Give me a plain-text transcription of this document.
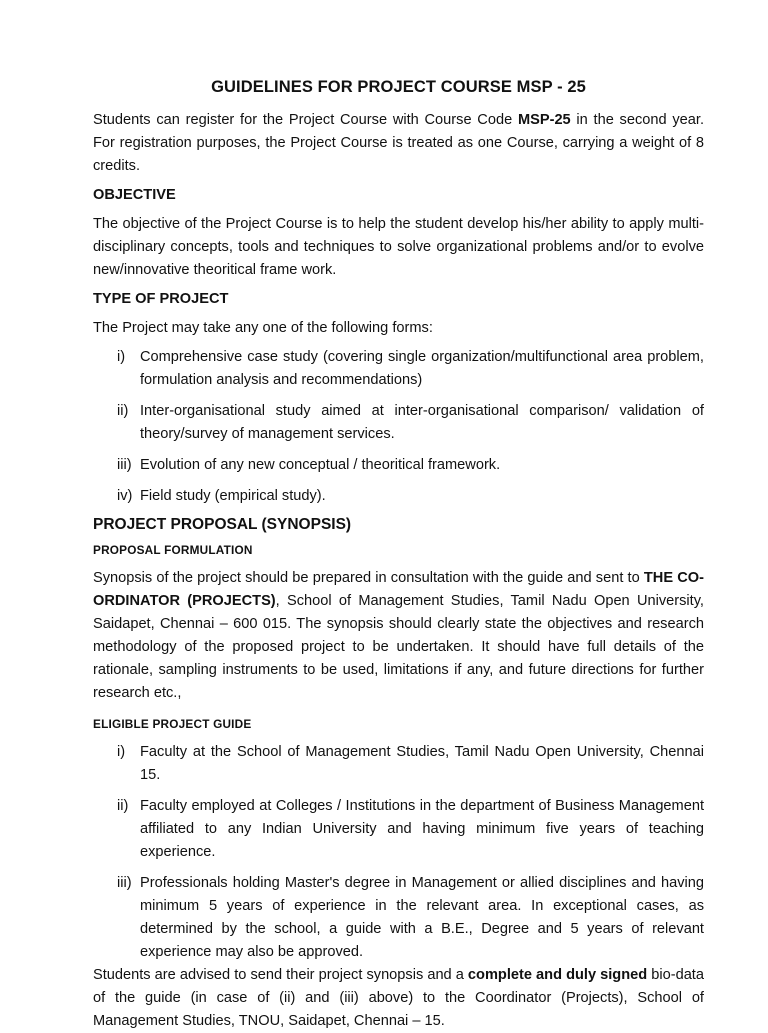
GUIDELINES FOR PROJECT COURSE MSP - 25

Students can register for the Project Course with Course Code MSP-25 in the second year. For registration purposes, the Project Course is treated as one Course, carrying a weight of 8 credits.

OBJECTIVE

The objective of the Project Course is to help the student develop his/her ability to apply multi-disciplinary concepts, tools and techniques to solve organizational problems and/or to evolve new/innovative theoritical frame work.

TYPE OF PROJECT

The Project may take any one of the following forms:

i) Comprehensive case study (covering single organization/multifunctional area problem, formulation analysis and recommendations)
ii) Inter-organisational study aimed at inter-organisational comparison/ validation of theory/survey of management services.
iii) Evolution of any new conceptual / theoritical framework.
iv) Field study (empirical study).
PROJECT PROPOSAL (SYNOPSIS)
PROPOSAL FORMULATION

Synopsis of the project should be prepared in consultation with the guide and sent to THE CO-ORDINATOR (PROJECTS), School of Management Studies, Tamil Nadu Open University, Saidapet, Chennai – 600 015. The synopsis should clearly state the objectives and research methodology of the proposed project to be undertaken. It should have full details of the rationale, sampling instruments to be used, limitations if any, and future directions for further research etc.,

ELIGIBLE PROJECT GUIDE
i) Faculty at the School of Management Studies, Tamil Nadu Open University, Chennai 15.
ii) Faculty employed at Colleges / Institutions in the department of Business Management affiliated to any Indian University and having minimum five years of teaching experience.
iii) Professionals holding Master's degree in Management or allied disciplines and having minimum 5 years of experience in the relevant area. In exceptional cases, as determined by the school, a guide with a B.E., Degree and 5 years of relevant experience may also be approved.

Students are advised to send their project synopsis and a complete and duly signed bio-data of the guide (in case of (ii) and (iii) above) to the Coordinator (Projects), School of Management Studies, TNOU, Saidapet, Chennai – 15.
